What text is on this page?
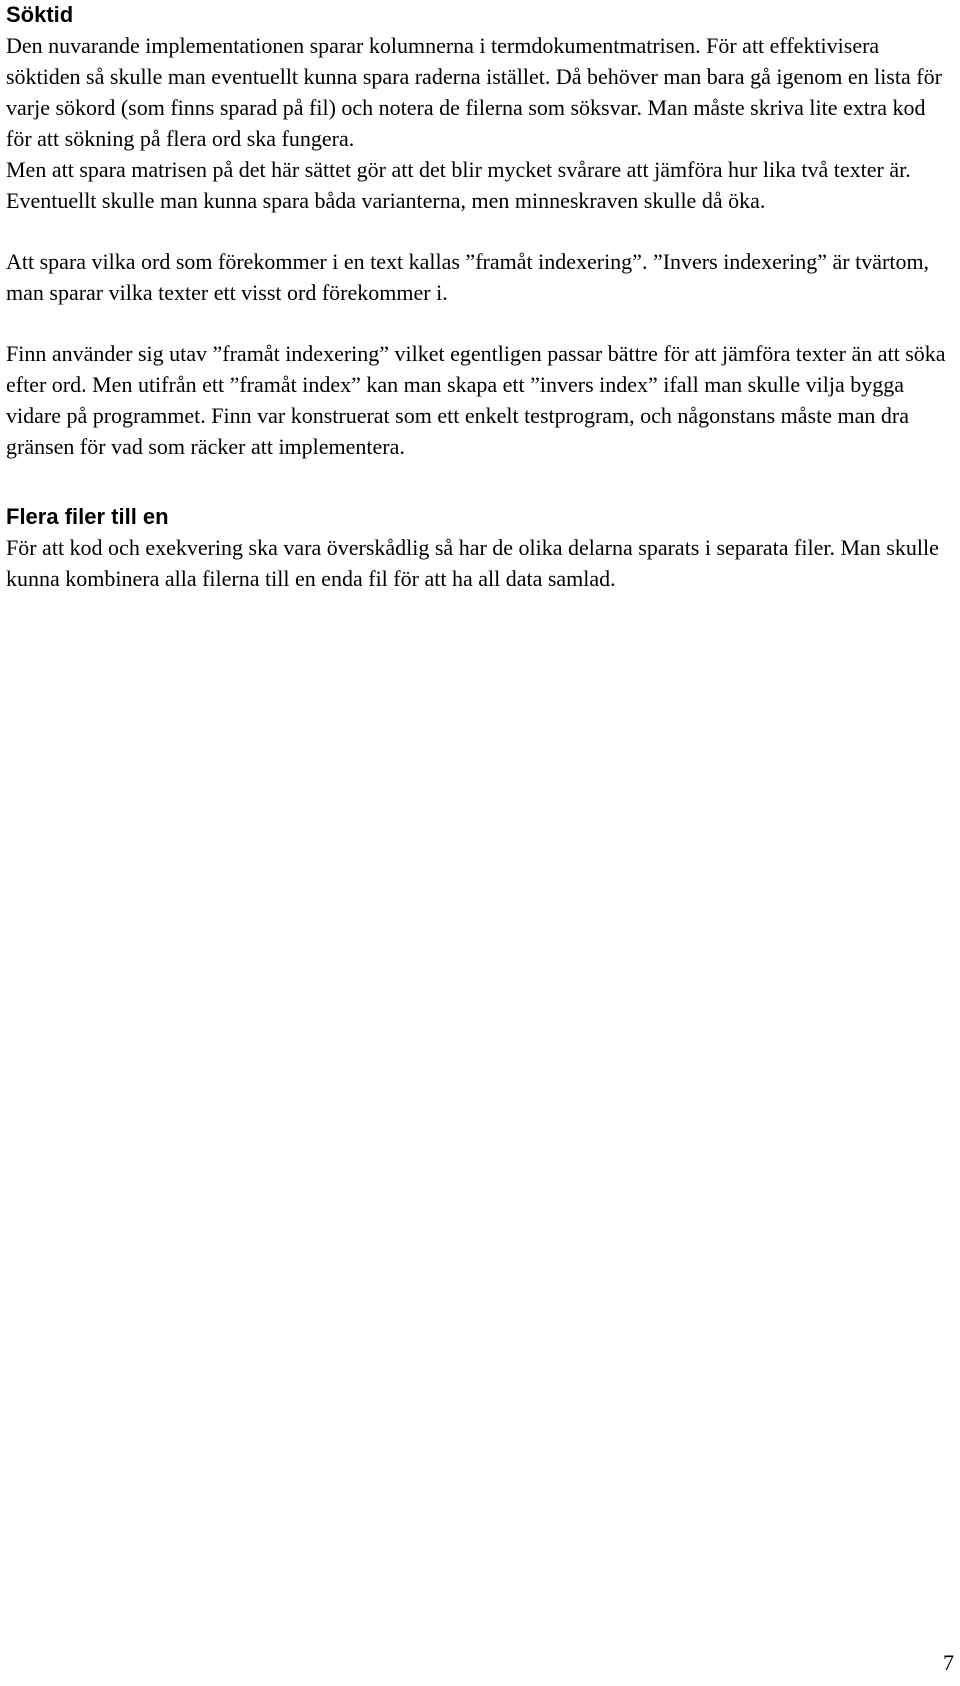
Söktid

Den nuvarande implementationen sparar kolumnerna i termdokumentmatrisen. För att effektivisera söktiden så skulle man eventuellt kunna spara raderna istället. Då behöver man bara gå igenom en lista för varje sökord (som finns sparad på fil) och notera de filerna som söksvar. Man måste skriva lite extra kod för att sökning på flera ord ska fungera.

Men att spara matrisen på det här sättet gör att det blir mycket svårare att jämföra hur lika två texter är. Eventuellt skulle man kunna spara båda varianterna, men minneskraven skulle då öka.

Att spara vilka ord som förekommer i en text kallas ”framåt indexering”. ”Invers indexering” är tvärtom, man sparar vilka texter ett visst ord förekommer i.

Finn använder sig utav ”framåt indexering” vilket egentligen passar bättre för att jämföra texter än att söka efter ord. Men utifrån ett ”framåt index” kan man skapa ett ”invers index” ifall man skulle vilja bygga vidare på programmet. Finn var konstruerat som ett enkelt testprogram, och någonstans måste man dra gränsen för vad som räcker att implementera.

Flera filer till en

För att kod och exekvering ska vara överskådlig så har de olika delarna sparats i separata filer. Man skulle kunna kombinera alla filerna till en enda fil för att ha all data samlad.

7
